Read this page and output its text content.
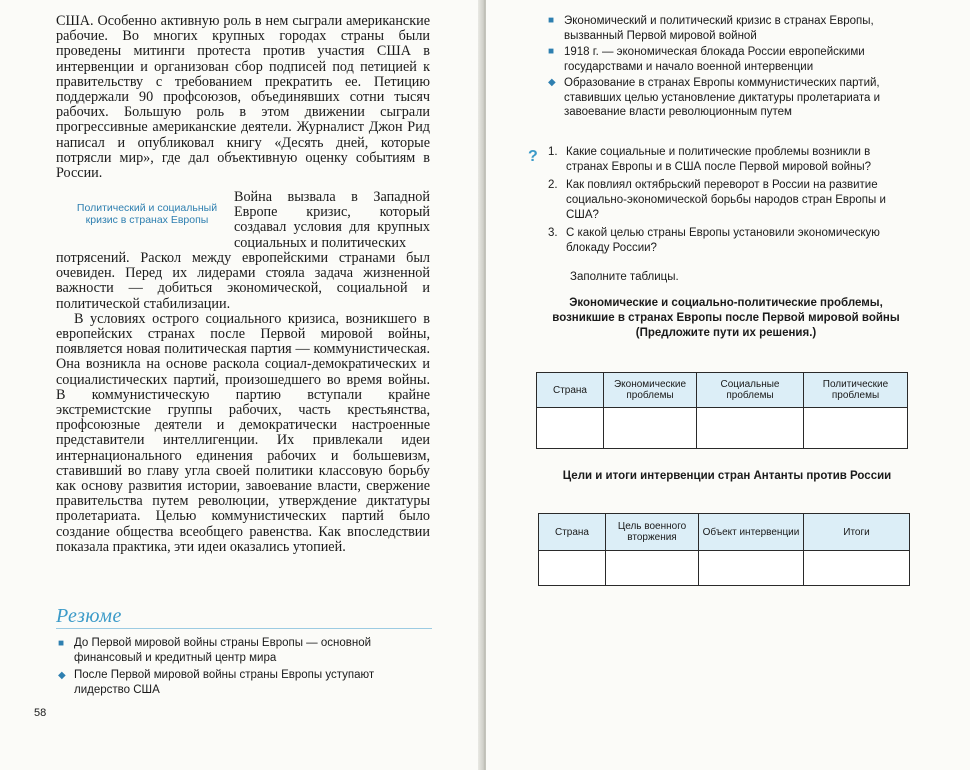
США. Особенно активную роль в нем сыграли американские рабочие. Во многих крупных городах страны были проведены митинги протеста против участия США в интервенции и организован сбор подписей под петицией к правительству с требованием прекратить ее. Петицию поддержали 90 профсоюзов, объединявших сотни тысяч рабочих. Большую роль в этом движении сыграли прогрессивные американские деятели. Журналист Джон Рид написал и опубликовал книгу «Десять дней, которые потрясли мир», где дал объективную оценку событиям в России.

Политический и социальный кризис в странах Европы
Война вызвала в Западной Европе кризис, который создавал условия для крупных социальных и политических

потрясений. Раскол между европейскими странами был очевиден. Перед их лидерами стояла задача жизненной важности — добиться экономической, социальной и политической стабилизации.

В условиях острого социального кризиса, возникшего в европейских странах после Первой мировой войны, появляется новая политическая партия — коммунистическая. Она возникла на основе раскола социал-демократических и социалистических партий, произошедшего во время войны. В коммунистическую партию вступали крайне экстремистские группы рабочих, часть крестьянства, профсоюзные деятели и демократически настроенные представители интеллигенции. Их привлекали идеи интернационального единения рабочих и большевизм, ставивший во главу угла своей политики классовую борьбу как основу развития истории, завоевание власти, свержение правительства путем революции, утверждение диктатуры пролетариата. Целью коммунистических партий было создание общества всеобщего равенства. Как впоследствии показала практика, эти идеи оказались утопией.

Резюме
■ До Первой мировой войны страны Европы — основной финансовый и кредитный центр мира
◆ После Первой мировой войны страны Европы уступают лидерство США
58
■ Экономический и политический кризис в странах Европы, вызванный Первой мировой войной
■ 1918 г. — экономическая блокада России европейскими государствами и начало военной интервенции
◆ Образование в странах Европы коммунистических партий, ставивших целью установление диктатуры пролетариата и завоевание власти революционным путем
? 1. Какие социальные и политические проблемы возникли в странах Европы и в США после Первой мировой войны?
2. Как повлиял октябрьский переворот в России на развитие социально-экономической борьбы народов стран Европы и США?
3. С какой целью страны Европы установили экономическую блокаду России?
Заполните таблицы.
Экономические и социально-политические проблемы, возникшие в странах Европы после Первой мировой войны (Предложите пути их решения.)
Страна	Экономические проблемы	Социальные проблемы	Политические проблемы

Цели и итоги интервенции стран Антанты против России
Страна	Цель военного вторжения	Объект интервенции	Итоги
